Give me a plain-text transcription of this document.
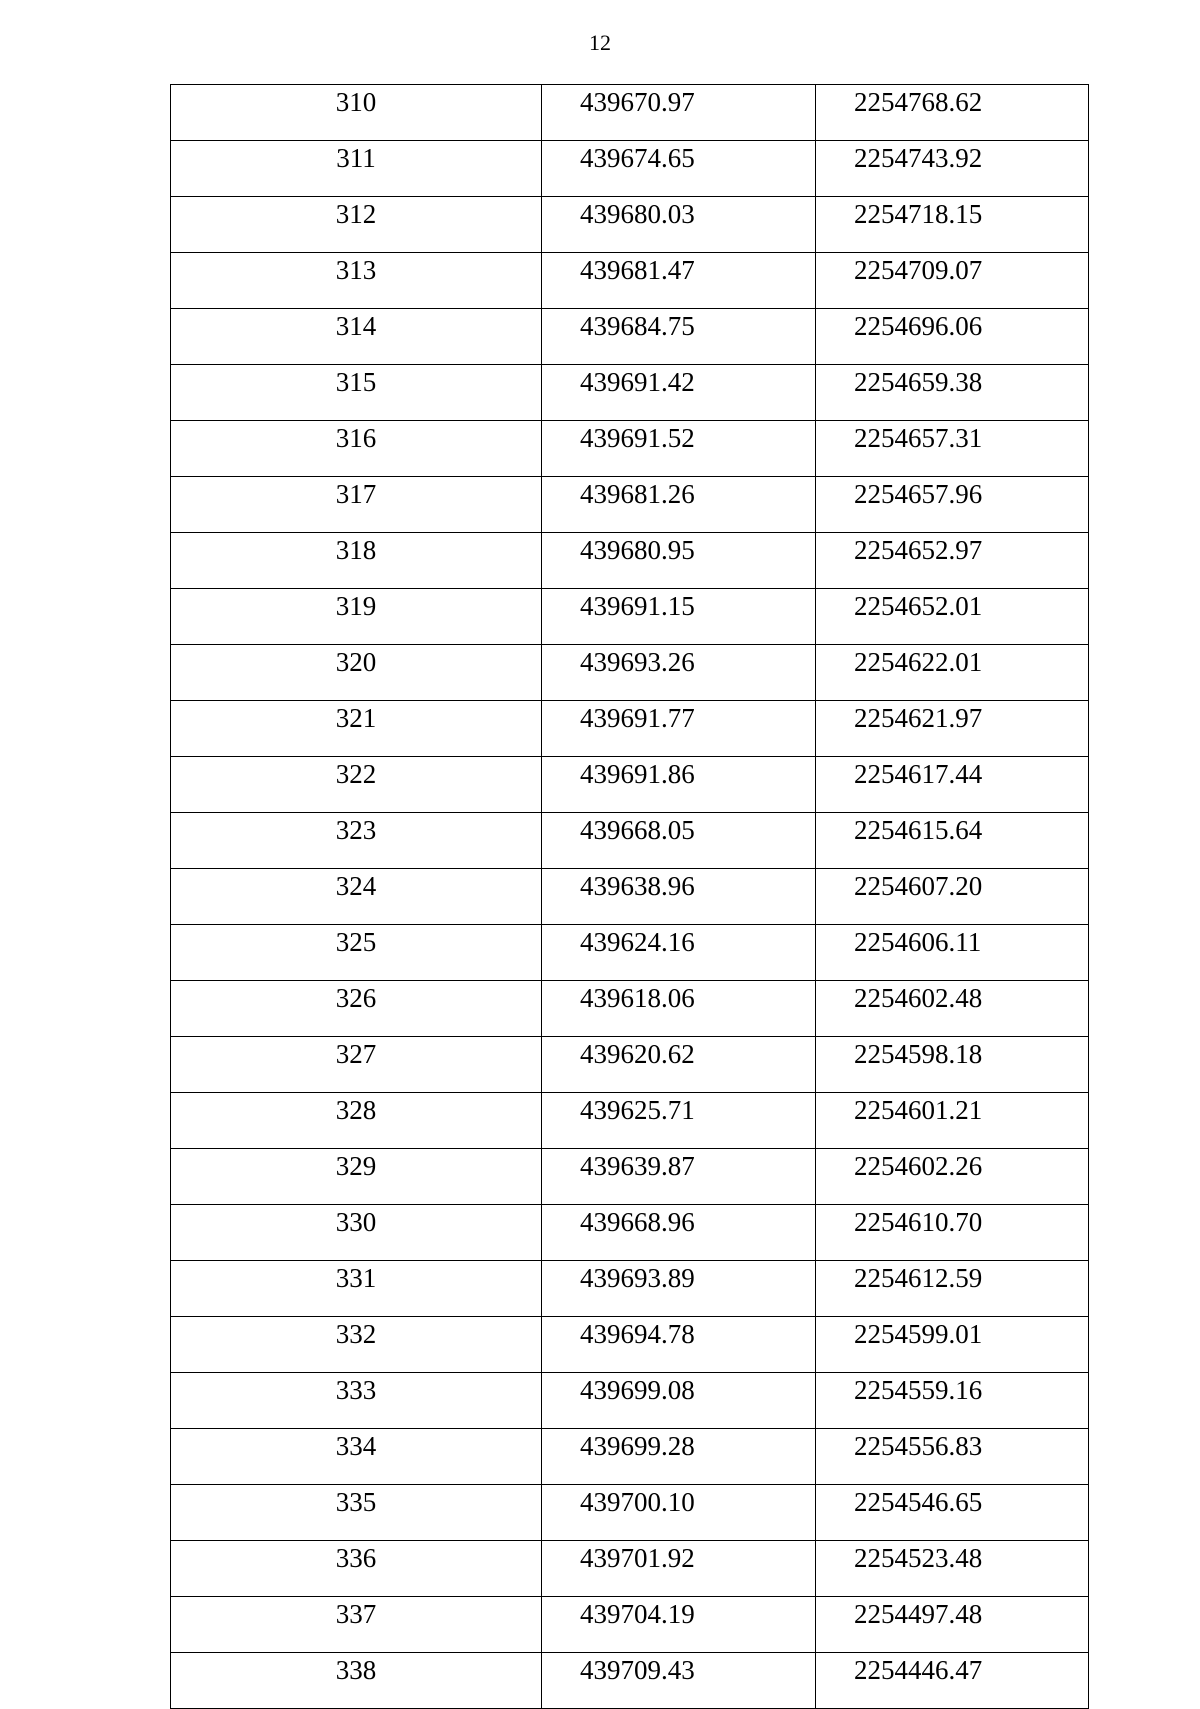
12
310	439670.97	2254768.62
311	439674.65	2254743.92
312	439680.03	2254718.15
313	439681.47	2254709.07
314	439684.75	2254696.06
315	439691.42	2254659.38
316	439691.52	2254657.31
317	439681.26	2254657.96
318	439680.95	2254652.97
319	439691.15	2254652.01
320	439693.26	2254622.01
321	439691.77	2254621.97
322	439691.86	2254617.44
323	439668.05	2254615.64
324	439638.96	2254607.20
325	439624.16	2254606.11
326	439618.06	2254602.48
327	439620.62	2254598.18
328	439625.71	2254601.21
329	439639.87	2254602.26
330	439668.96	2254610.70
331	439693.89	2254612.59
332	439694.78	2254599.01
333	439699.08	2254559.16
334	439699.28	2254556.83
335	439700.10	2254546.65
336	439701.92	2254523.48
337	439704.19	2254497.48
338	439709.43	2254446.47
